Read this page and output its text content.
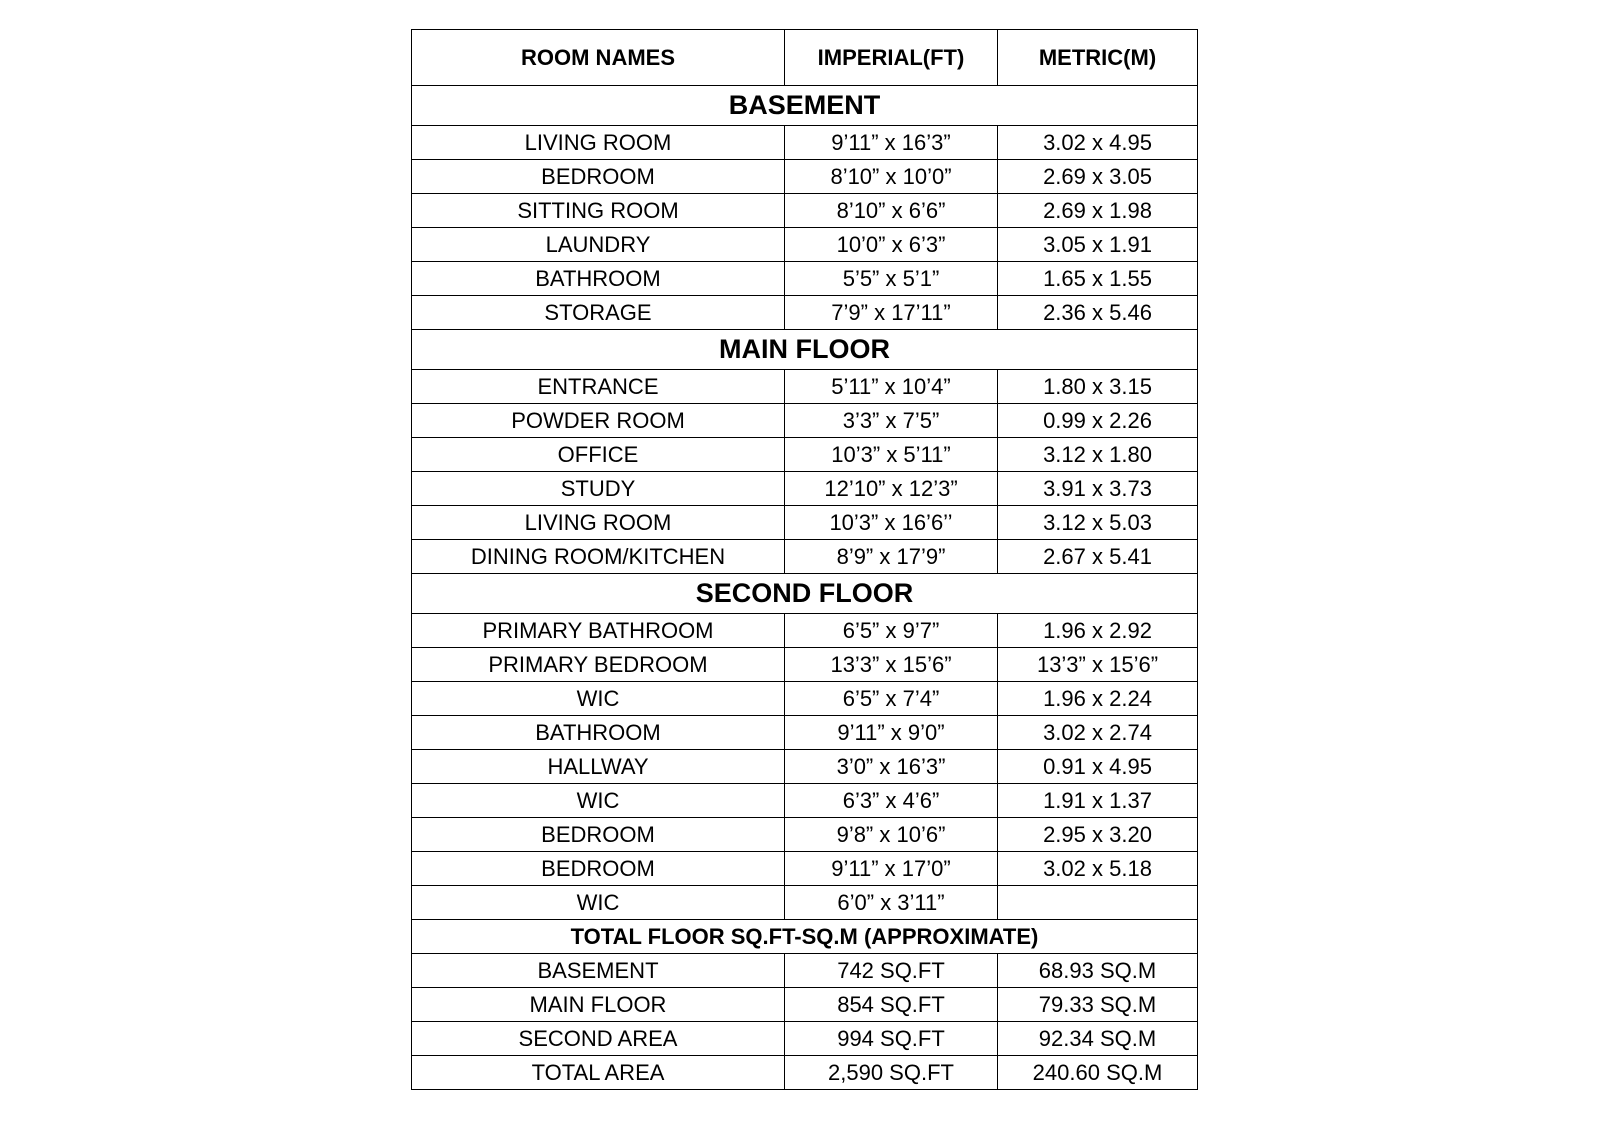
ROOM NAMES	IMPERIAL(FT)	METRIC(M)
BASEMENT		
LIVING ROOM	9’11” x 16’3”	3.02 x 4.95
BEDROOM	8’10” x 10’0”	2.69 x 3.05
SITTING ROOM	8’10” x 6’6”	2.69 x 1.98
LAUNDRY	10’0” x 6’3”	3.05 x 1.91
BATHROOM	5’5” x 5’1”	1.65 x 1.55
STORAGE	7’9” x 17’11”	2.36 x 5.46
MAIN FLOOR		
ENTRANCE	5’11” x 10’4”	1.80 x 3.15
POWDER ROOM	3’3” x 7’5”	0.99 x 2.26
OFFICE	10’3” x 5’11”	3.12 x 1.80
STUDY	12’10” x 12’3”	3.91 x 3.73
LIVING ROOM	10’3” x 16’6’’	3.12 x 5.03
DINING ROOM/KITCHEN	8’9” x 17’9”	2.67 x 5.41
SECOND FLOOR		
PRIMARY BATHROOM	6’5” x 9’7”	1.96 x 2.92
PRIMARY BEDROOM	13’3” x 15’6”	13’3” x 15’6”
WIC	6’5” x 7’4”	1.96 x 2.24
BATHROOM	9’11” x 9’0”	3.02 x 2.74
HALLWAY	3’0” x 16’3”	0.91 x 4.95
WIC	6’3” x 4’6”	1.91 x 1.37
BEDROOM	9’8” x 10’6”	2.95 x 3.20
BEDROOM	9’11” x 17’0”	3.02 x 5.18
WIC	6’0” x 3’11”	
TOTAL FLOOR SQ.FT-SQ.M (APPROXIMATE)		
BASEMENT	742 SQ.FT	68.93 SQ.M
MAIN FLOOR	854 SQ.FT	79.33 SQ.M
SECOND AREA	994 SQ.FT	92.34 SQ.M
TOTAL AREA	2,590 SQ.FT	240.60 SQ.M
